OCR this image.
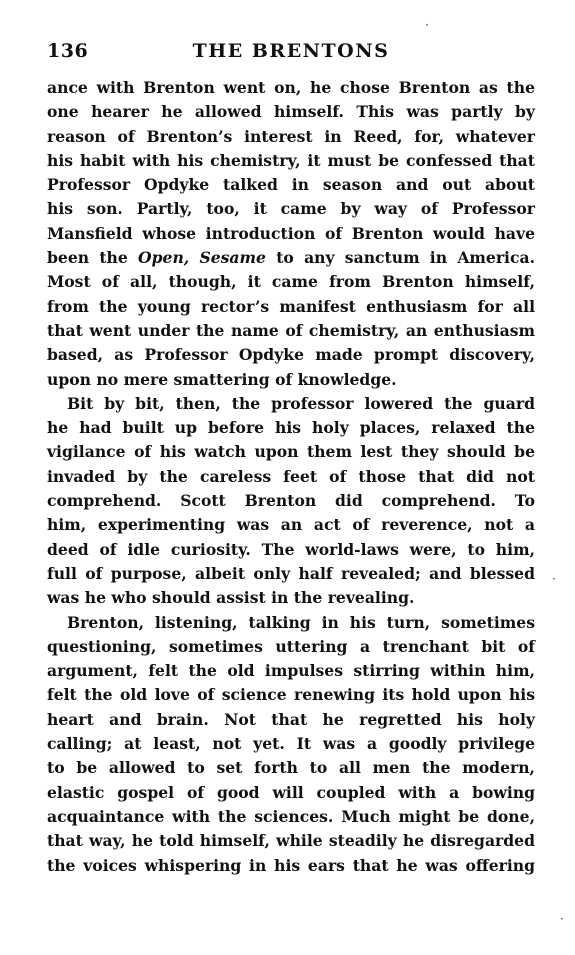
136	THE BRENTONS
ance with Brenton went on, he chose Brenton as the
one hearer he allowed himself. This was partly by
reason of Brenton’s interest in Reed, for, whatever
his habit with his chemistry, it must be confessed that
Professor Opdyke talked in season and out about
his son. Partly, too, it came by way of Professor
Mansfield whose introduction of Brenton would have
been the Open, Sesame to any sanctum in America.
Most of all, though, it came from Brenton himself,
from the young rector’s manifest enthusiasm for all
that went under the name of chemistry, an enthusiasm
based, as Professor Opdyke made prompt discovery,
upon no mere smattering of knowledge.
Bit by bit, then, the professor lowered the guard
he had built up before his holy places, relaxed the
vigilance of his watch upon them lest they should be
invaded by the careless feet of those that did not
comprehend. Scott Brenton did comprehend. To
him, experimenting was an act of reverence, not a
deed of idle curiosity. The world-laws were, to him,
full of purpose, albeit only half revealed; and blessed
was he who should assist in the revealing.
Brenton, listening, talking in his turn, sometimes
questioning, sometimes uttering a trenchant bit of
argument, felt the old impulses stirring within him,
felt the old love of science renewing its hold upon his
heart and brain. Not that he regretted his holy
calling; at least, not yet. It was a goodly privilege
to be allowed to set forth to all men the modern,
elastic gospel of good will coupled with a bowing
acquaintance with the sciences. Much might be done,
that way, he told himself, while steadily he disregarded
the voices whispering in his ears that he was offering
·
·
·
